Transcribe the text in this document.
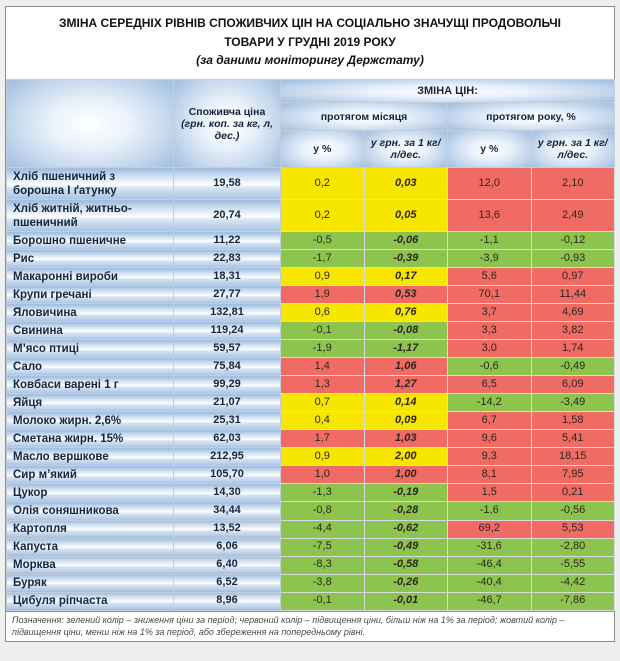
ЗМІНА СЕРЕДНІХ РІВНІВ СПОЖИВЧИХ ЦІН НА СОЦІАЛЬНО ЗНАЧУЩІ ПРОДОВОЛЬЧІ
ТОВАРИ У ГРУДНІ 2019 РОКУ
(за даними моніторингу Держстату)
	Споживча ціна (грн. коп. за кг, л, дес.)	ЗМІНА ЦІН:			
		протягом місяця		протягом року, %	
		у %	у грн. за 1 кг/л/дес.	у %	у грн. за 1 кг/л/дес.
Хліб пшеничний з борошна І ґатунку	19,58	0,2	0,03	12,0	2,10
Хліб житній, житньо-пшеничний	20,74	0,2	0,05	13,6	2,49
Борошно пшеничне	11,22	-0,5	-0,06	-1,1	-0,12
Рис	22,83	-1,7	-0,39	-3,9	-0,93
Макаронні вироби	18,31	0,9	0,17	5,6	0,97
Крупи гречані	27,77	1,9	0,53	70,1	11,44
Яловичина	132,81	0,6	0,76	3,7	4,69
Свинина	119,24	-0,1	-0,08	3,3	3,82
М’ясо птиці	59,57	-1,9	-1,17	3,0	1,74
Сало	75,84	1,4	1,06	-0,6	-0,49
Ковбаси варені 1 г	99,29	1,3	1,27	6,5	6,09
Яйця	21,07	0,7	0,14	-14,2	-3,49
Молоко жирн. 2,6%	25,31	0,4	0,09	6,7	1,58
Сметана жирн. 15%	62,03	1,7	1,03	9,6	5,41
Масло вершкове	212,95	0,9	2,00	9,3	18,15
Сир м’який	105,70	1,0	1,00	8,1	7,95
Цукор	14,30	-1,3	-0,19	1,5	0,21
Олія соняшникова	34,44	-0,8	-0,28	-1,6	-0,56
Картопля	13,52	-4,4	-0,62	69,2	5,53
Капуста	6,06	-7,5	-0,49	-31,6	-2,80
Морква	6,40	-8,3	-0,58	-46,4	-5,55
Буряк	6,52	-3,8	-0,26	-40,4	-4,42
Цибуля ріпчаста	8,96	-0,1	-0,01	-46,7	-7,86
Позначення: зелений колір – зниження ціни за період; червоний колір – підвищення ціни, більш ніж на 1% за період; жовтий колір – підвищення ціни, менш ніж на 1% за період, або збереження на попередньому рівні.
